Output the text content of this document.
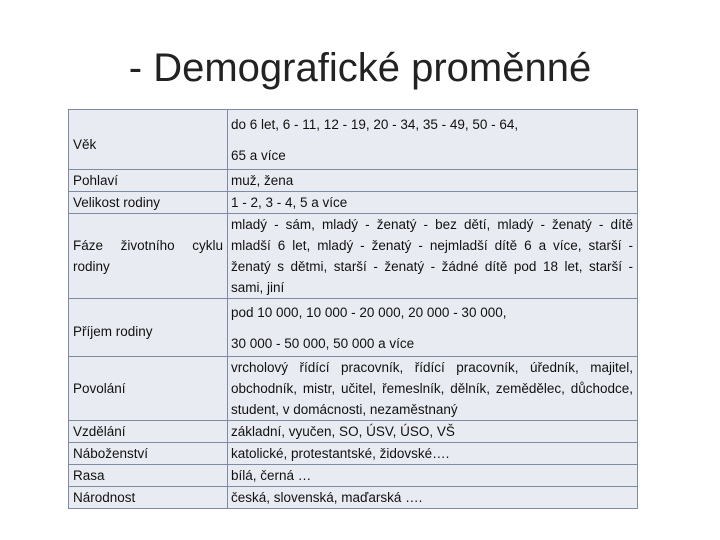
- Demografické proměnné
Věk	do 6 let, 6 - 11, 12 - 19, 20 - 34, 35 - 49, 50 - 64,
65 a více

Pohlaví	muž, žena
Velikost rodiny	1 - 2, 3 - 4, 5 a více
Fáze životního cyklu rodiny	mladý - sám, mladý - ženatý - bez dětí, mladý - ženatý - dítě mladší 6 let, mladý - ženatý - nejmladší dítě 6 a více, starší - ženatý s dětmi, starší - ženatý - žádné dítě pod 18 let, starší - sami, jiní
Příjem rodiny	pod 10 000, 10 000 - 20 000, 20 000 - 30 000,
30 000 - 50 000, 50 000 a více

Povolání	vrcholový řídící pracovník, řídící pracovník, úředník, majitel, obchodník, mistr, učitel, řemeslník, dělník, zemědělec, důchodce, student, v domácnosti, nezaměstnaný
Vzdělání	základní, vyučen, SO, ÚSV, ÚSO, VŠ
Náboženství	katolické, protestantské, židovské….
Rasa	bílá, černá …
Národnost	česká, slovenská, maďarská ….
